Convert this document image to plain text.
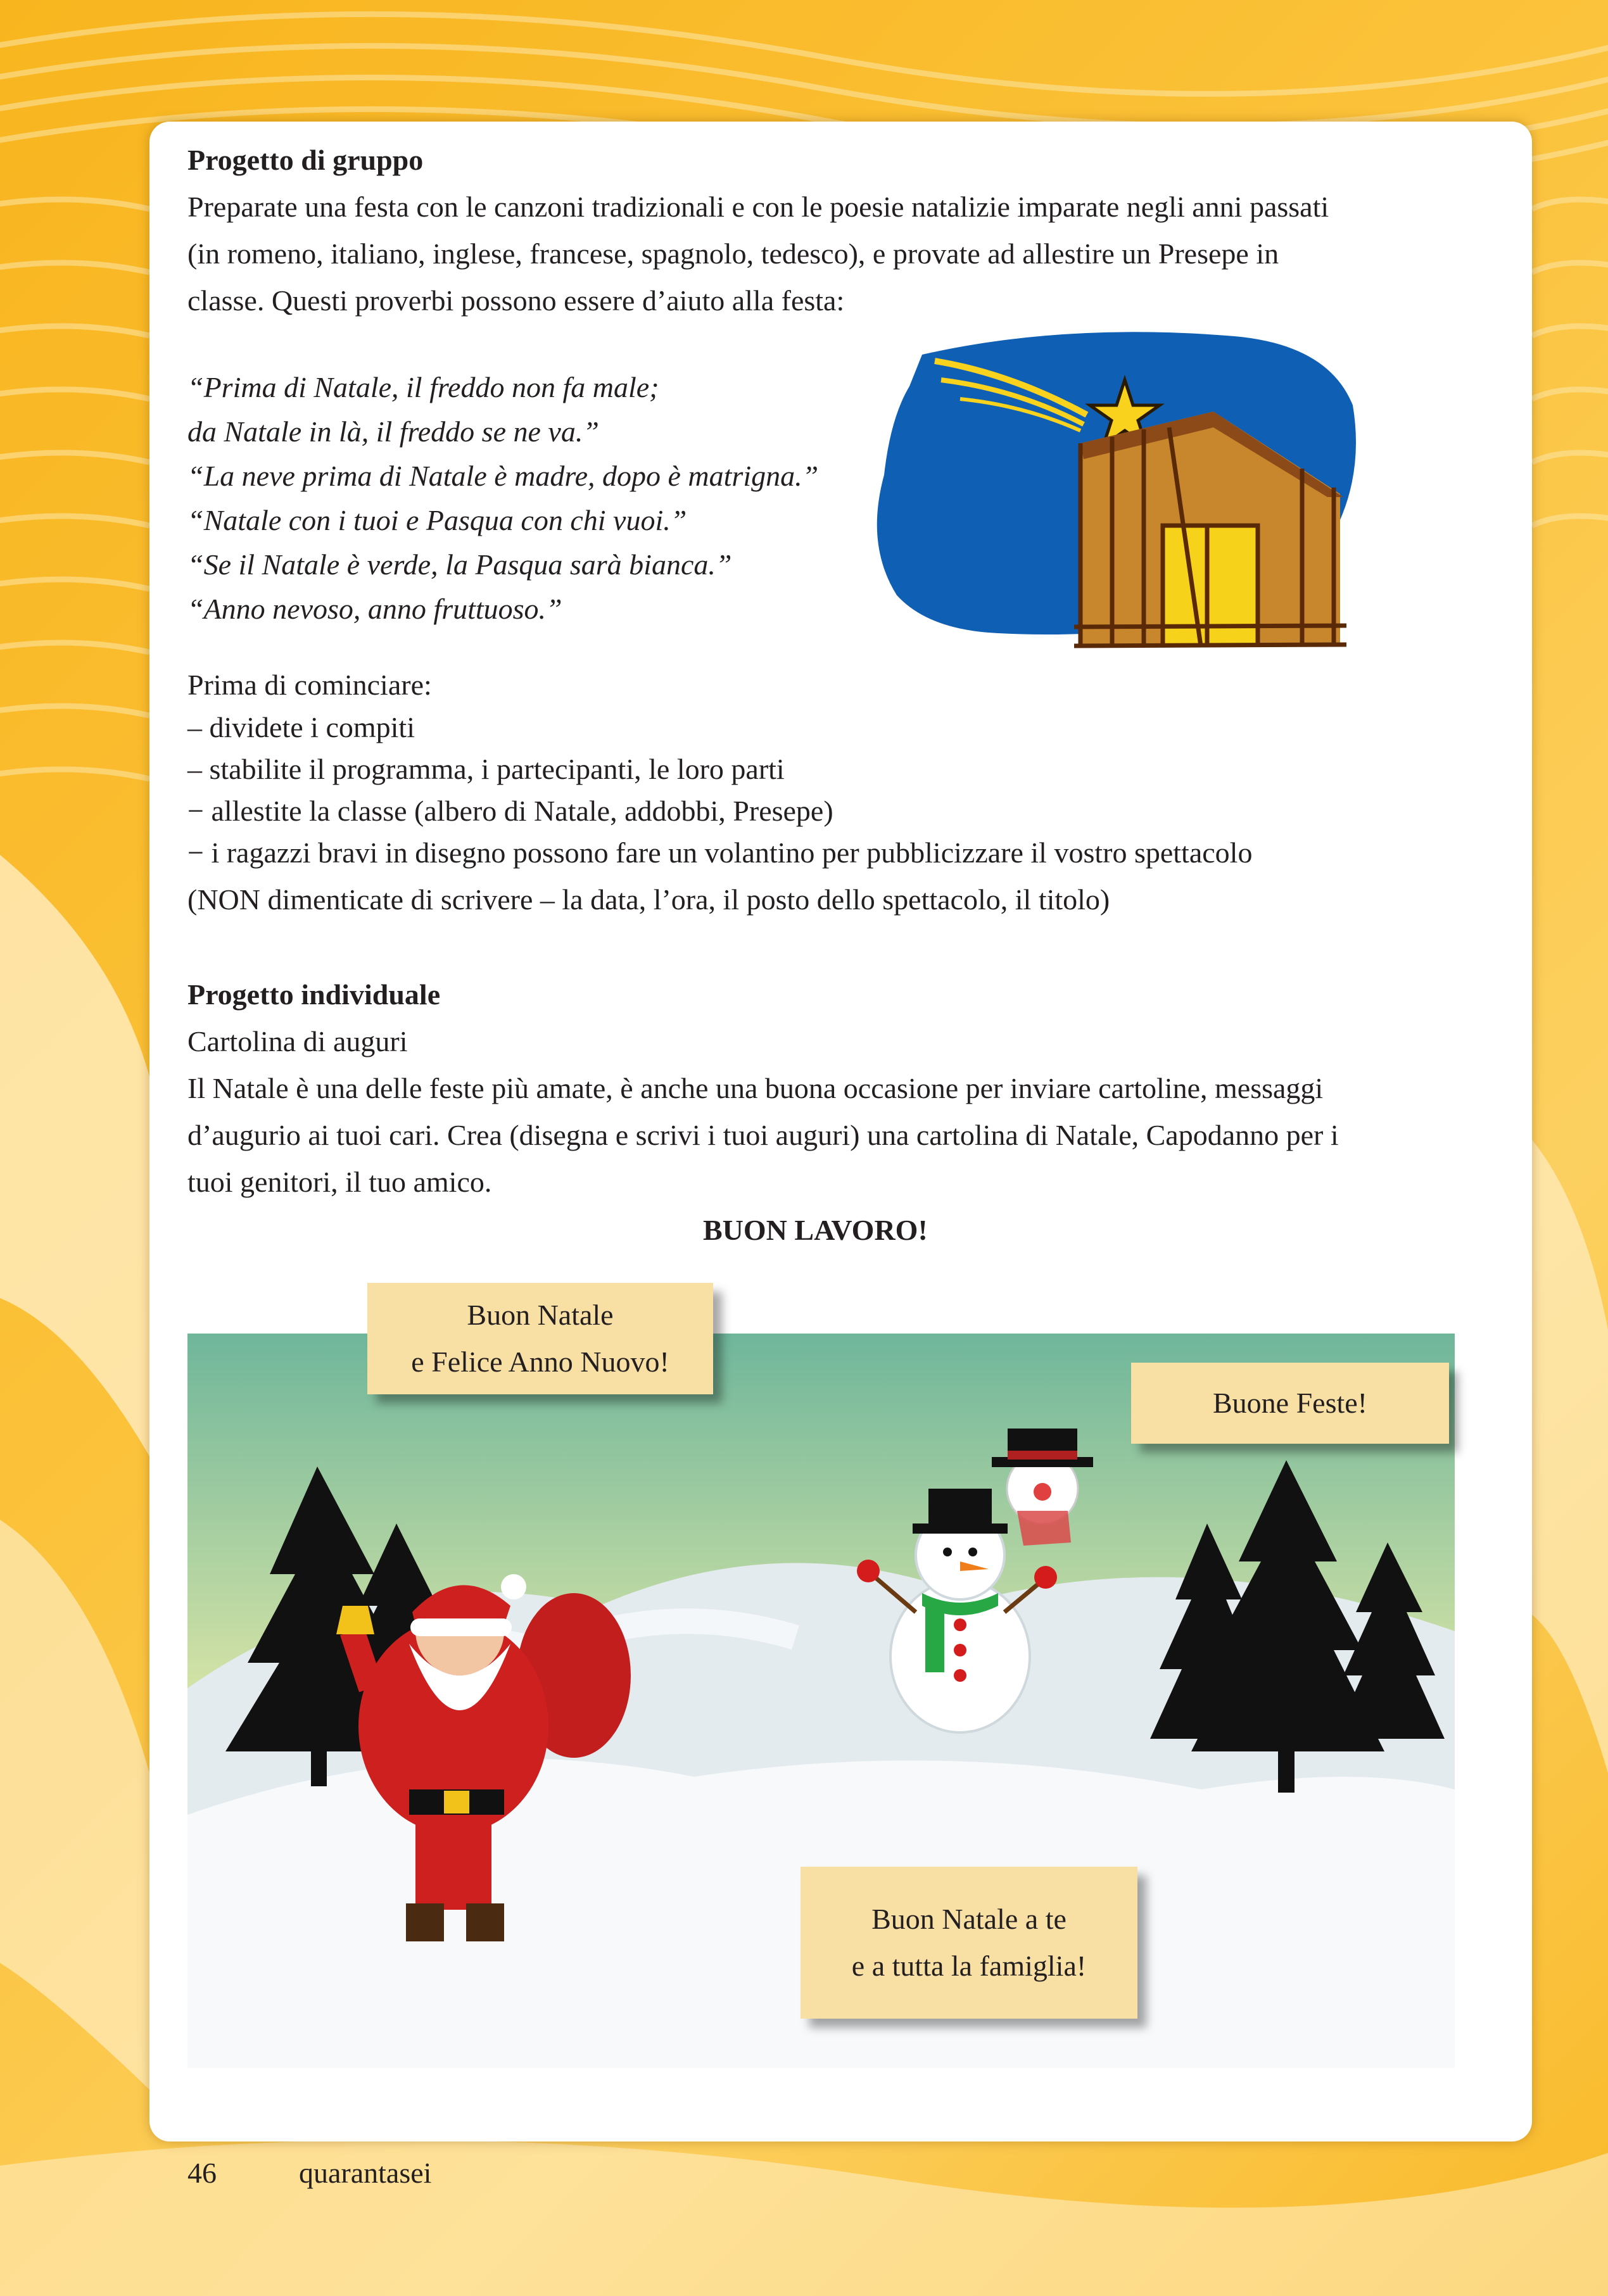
Progetto di gruppo

Preparate una festa con le canzoni tradizionali e con le poesie natalizie imparate negli anni passati

(in romeno, italiano, inglese, francese, spagnolo, tedesco), e provate ad allestire un Presepe in

classe. Questi proverbi possono essere d’aiuto alla festa:

“Prima di Natale, il freddo non fa male;

da Natale in là, il freddo se ne va.”

“La neve prima di Natale è madre, dopo è matrigna.”

“Natale con i tuoi e Pasqua con chi vuoi.”

“Se il Natale è verde, la Pasqua sarà bianca.”

“Anno nevoso, anno fruttuoso.”

Prima di cominciare:

– dividete i compiti

– stabilite il programma, i partecipanti, le loro parti

− allestite la classe (albero di Natale, addobbi, Presepe)

− i ragazzi bravi in disegno possono fare un volantino per pubblicizzare il vostro spettacolo

(NON dimenticate di scrivere – la data, l’ora, il posto dello spettacolo, il titolo)

Progetto individuale

Cartolina di auguri

Il Natale è una delle feste più amate, è anche una buona occasione per inviare cartoline, messaggi

d’augurio ai tuoi cari. Crea (disegna e scrivi i tuoi auguri) una cartolina di Natale, Capodanno per i

tuoi genitori, il tuo amico.

BUON LAVORO!

Buon Natale
e Felice Anno Nuovo!
Buone Feste!
Buon Natale a te
e a tutta la famiglia!
46	quarantasei
